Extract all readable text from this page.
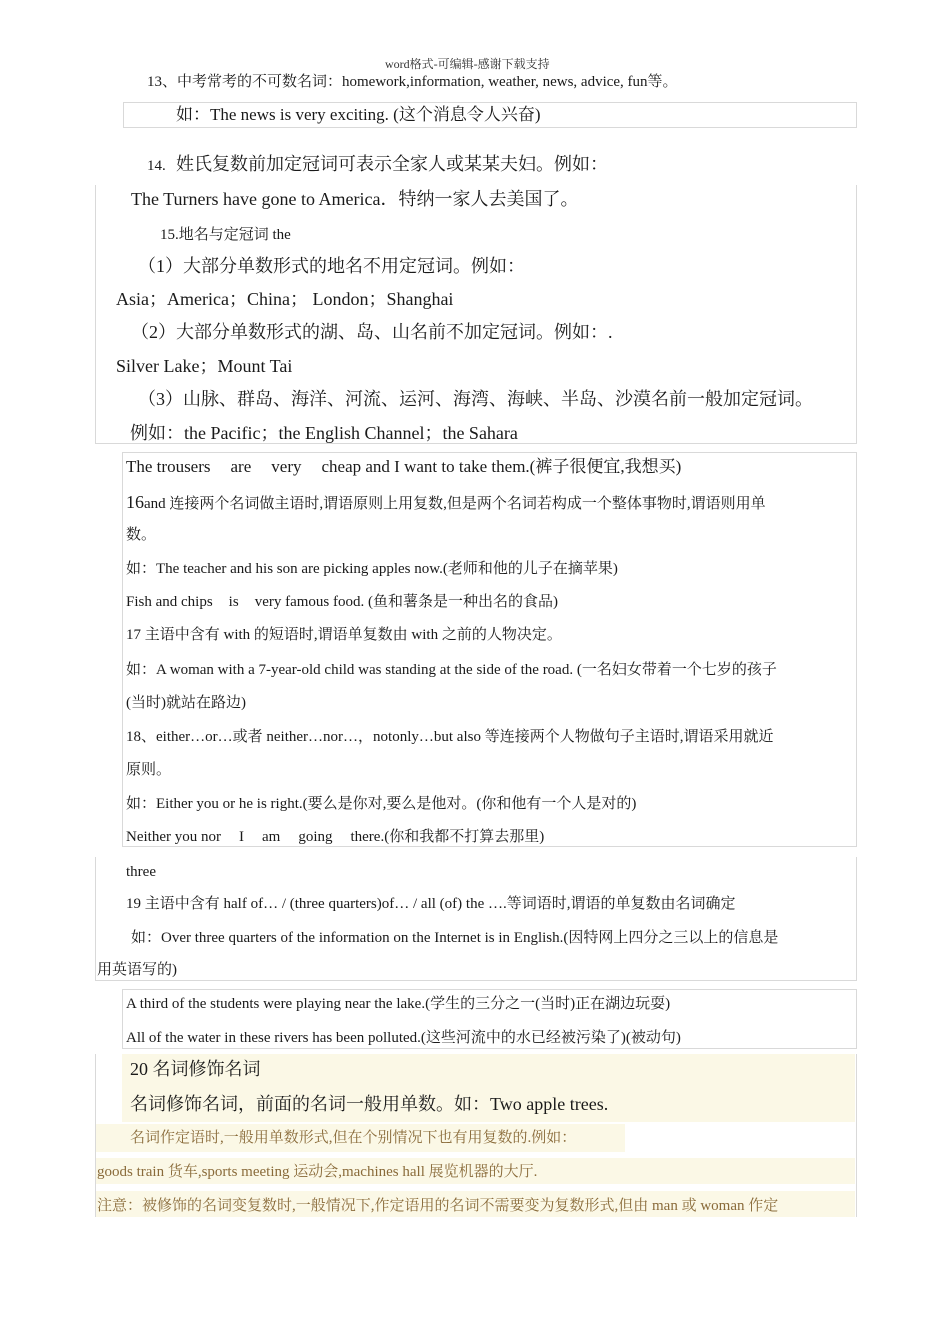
word格式-可编辑-感谢下载支持
13、中考常考的不可数名词：homework,information, weather, news, advice, fun等。
如：The news is very exciting. (这个消息令人兴奋)
14. 姓氏复数前加定冠词可表示全家人或某某夫妇。例如：
The Turners have gone to America．特纳一家人去美国了。
15.地名与定冠词 the
（1）大部分单数形式的地名不用定冠词。例如：
Asia；America；China； London；Shanghai
（2）大部分单数形式的湖、岛、山名前不加定冠词。例如：.
Silver Lake；Mount Tai
（3）山脉、群岛、海洋、河流、运河、海湾、海峡、半岛、沙漠名前一般加定冠词。
例如：the Pacific；the English Channel；the Sahara
The trousers are very cheap and I want to take them.(裤子很便宜,我想买)
16and 连接两个名词做主语时,谓语原则上用复数,但是两个名词若构成一个整体事物时,谓语则用单
数。
如：The teacher and his son are picking apples now.(老师和他的儿子在摘苹果)
Fish and chips is very famous food. (鱼和薯条是一种出名的食品)
17 主语中含有 with 的短语时,谓语单复数由 with 之前的人物决定。
如：A woman with a 7-year-old child was standing at the side of the road. (一名妇女带着一个七岁的孩子
(当时)就站在路边)
18、either…or…或者 neither…nor…，notonly…but also 等连接两个人物做句子主语时,谓语采用就近
原则。
如：Either you or he is right.(要么是你对,要么是他对。(你和他有一个人是对的)
Neither you nor I am going there.(你和我都不打算去那里)
three
19 主语中含有 half of… / (three quarters)of… / all (of) the ….等词语时,谓语的单复数由名词确定
如：Over three quarters of the information on the Internet is in English.(因特网上四分之三以上的信息是
用英语写的)
A third of the students were playing near the lake.(学生的三分之一(当时)正在湖边玩耍)
All of the water in these rivers has been polluted.(这些河流中的水已经被污染了)(被动句)
20 名词修饰名词
名词修饰名词，前面的名词一般用单数。如：Two apple trees.
名词作定语时,一般用单数形式,但在个别情况下也有用复数的.例如：
goods train 货车,sports meeting 运动会,machines hall 展览机器的大厅.
注意：被修饰的名词变复数时,一般情况下,作定语用的名词不需要变为复数形式,但由 man 或 woman 作定
